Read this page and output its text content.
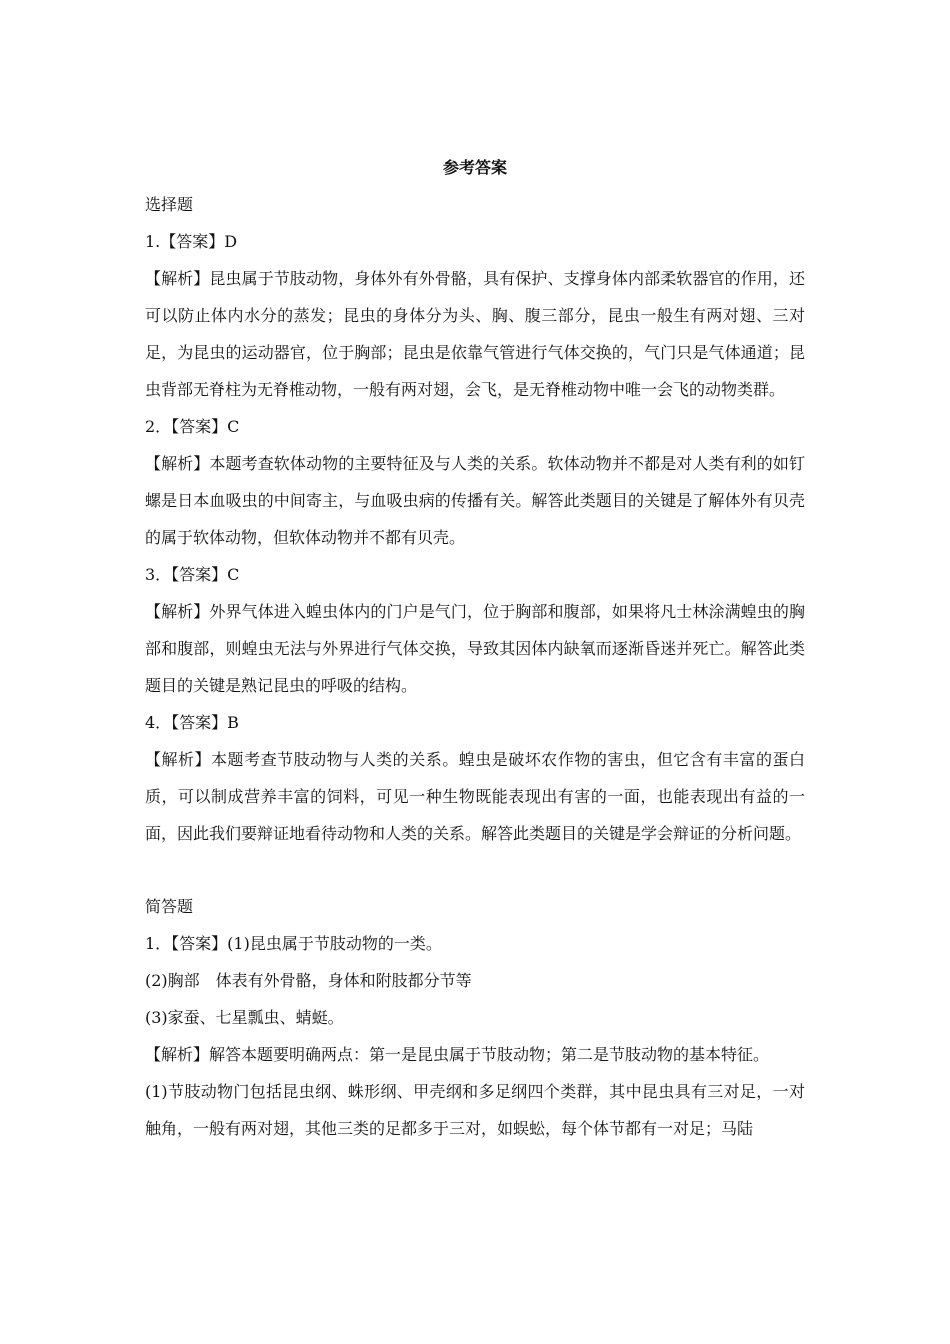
参考答案

选择题

1.【答案】D

【解析】昆虫属于节肢动物，身体外有外骨骼，具有保护、支撑身体内部柔软器官的作用，还可以防止体内水分的蒸发；昆虫的身体分为头、胸、腹三部分，昆虫一般生有两对翅、三对足，为昆虫的运动器官，位于胸部；昆虫是依靠气管进行气体交换的，气门只是气体通道；昆虫背部无脊柱为无脊椎动物，一般有两对翅，会飞，是无脊椎动物中唯一会飞的动物类群。

2．【答案】C

【解析】本题考查软体动物的主要特征及与人类的关系。软体动物并不都是对人类有利的如钉螺是日本血吸虫的中间寄主，与血吸虫病的传播有关。解答此类题目的关键是了解体外有贝壳的属于软体动物，但软体动物并不都有贝壳。

3．【答案】C

【解析】外界气体进入蝗虫体内的门户是气门，位于胸部和腹部，如果将凡士林涂满蝗虫的胸部和腹部，则蝗虫无法与外界进行气体交换，导致其因体内缺氧而逐渐昏迷并死亡。解答此类题目的关键是熟记昆虫的呼吸的结构。

4．【答案】B

【解析】本题考查节肢动物与人类的关系。蝗虫是破坏农作物的害虫，但它含有丰富的蛋白质，可以制成营养丰富的饲料，可见一种生物既能表现出有害的一面，也能表现出有益的一面，因此我们要辩证地看待动物和人类的关系。解答此类题目的关键是学会辩证的分析问题。

简答题

1．【答案】(1)昆虫属于节肢动物的一类。

(2)胸部　体表有外骨骼，身体和附肢都分节等

(3)家蚕、七星瓢虫、蜻蜓。

【解析】解答本题要明确两点：第一是昆虫属于节肢动物；第二是节肢动物的基本特征。

(1)节肢动物门包括昆虫纲、蛛形纲、甲壳纲和多足纲四个类群，其中昆虫具有三对足，一对触角，一般有两对翅，其他三类的足都多于三对，如蜈蚣，每个体节都有一对足；马陆
